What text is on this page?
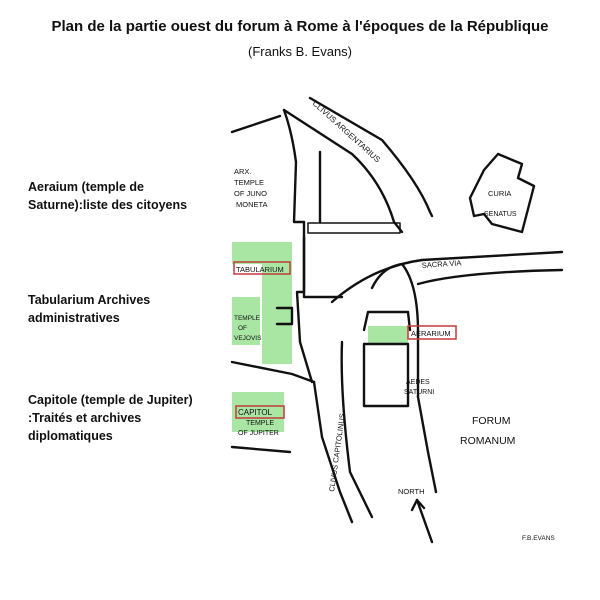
Plan de la partie ouest du forum à Rome à l'époques de la République
(Franks B. Evans)
Aeraium (temple de Saturne):liste des citoyens
Tabularium Archives administratives
Capitole (temple de Jupiter) :Traités et archives diplomatiques
CLIVUS ARGENTARIUS
ARX.
TEMPLE
OF JUNO
MONETA
CURIA
SENATUS
SACRA VIA
TABULARIUM
TEMPLE
OF
VEJOVIS
AERARIUM
AEDES
SATURNI
CAPITOL
TEMPLE
OF JUPITER	CLIVUS CAPITOLINUS	FORUM
ROMANUM
NORTH
F.B.EVANS
